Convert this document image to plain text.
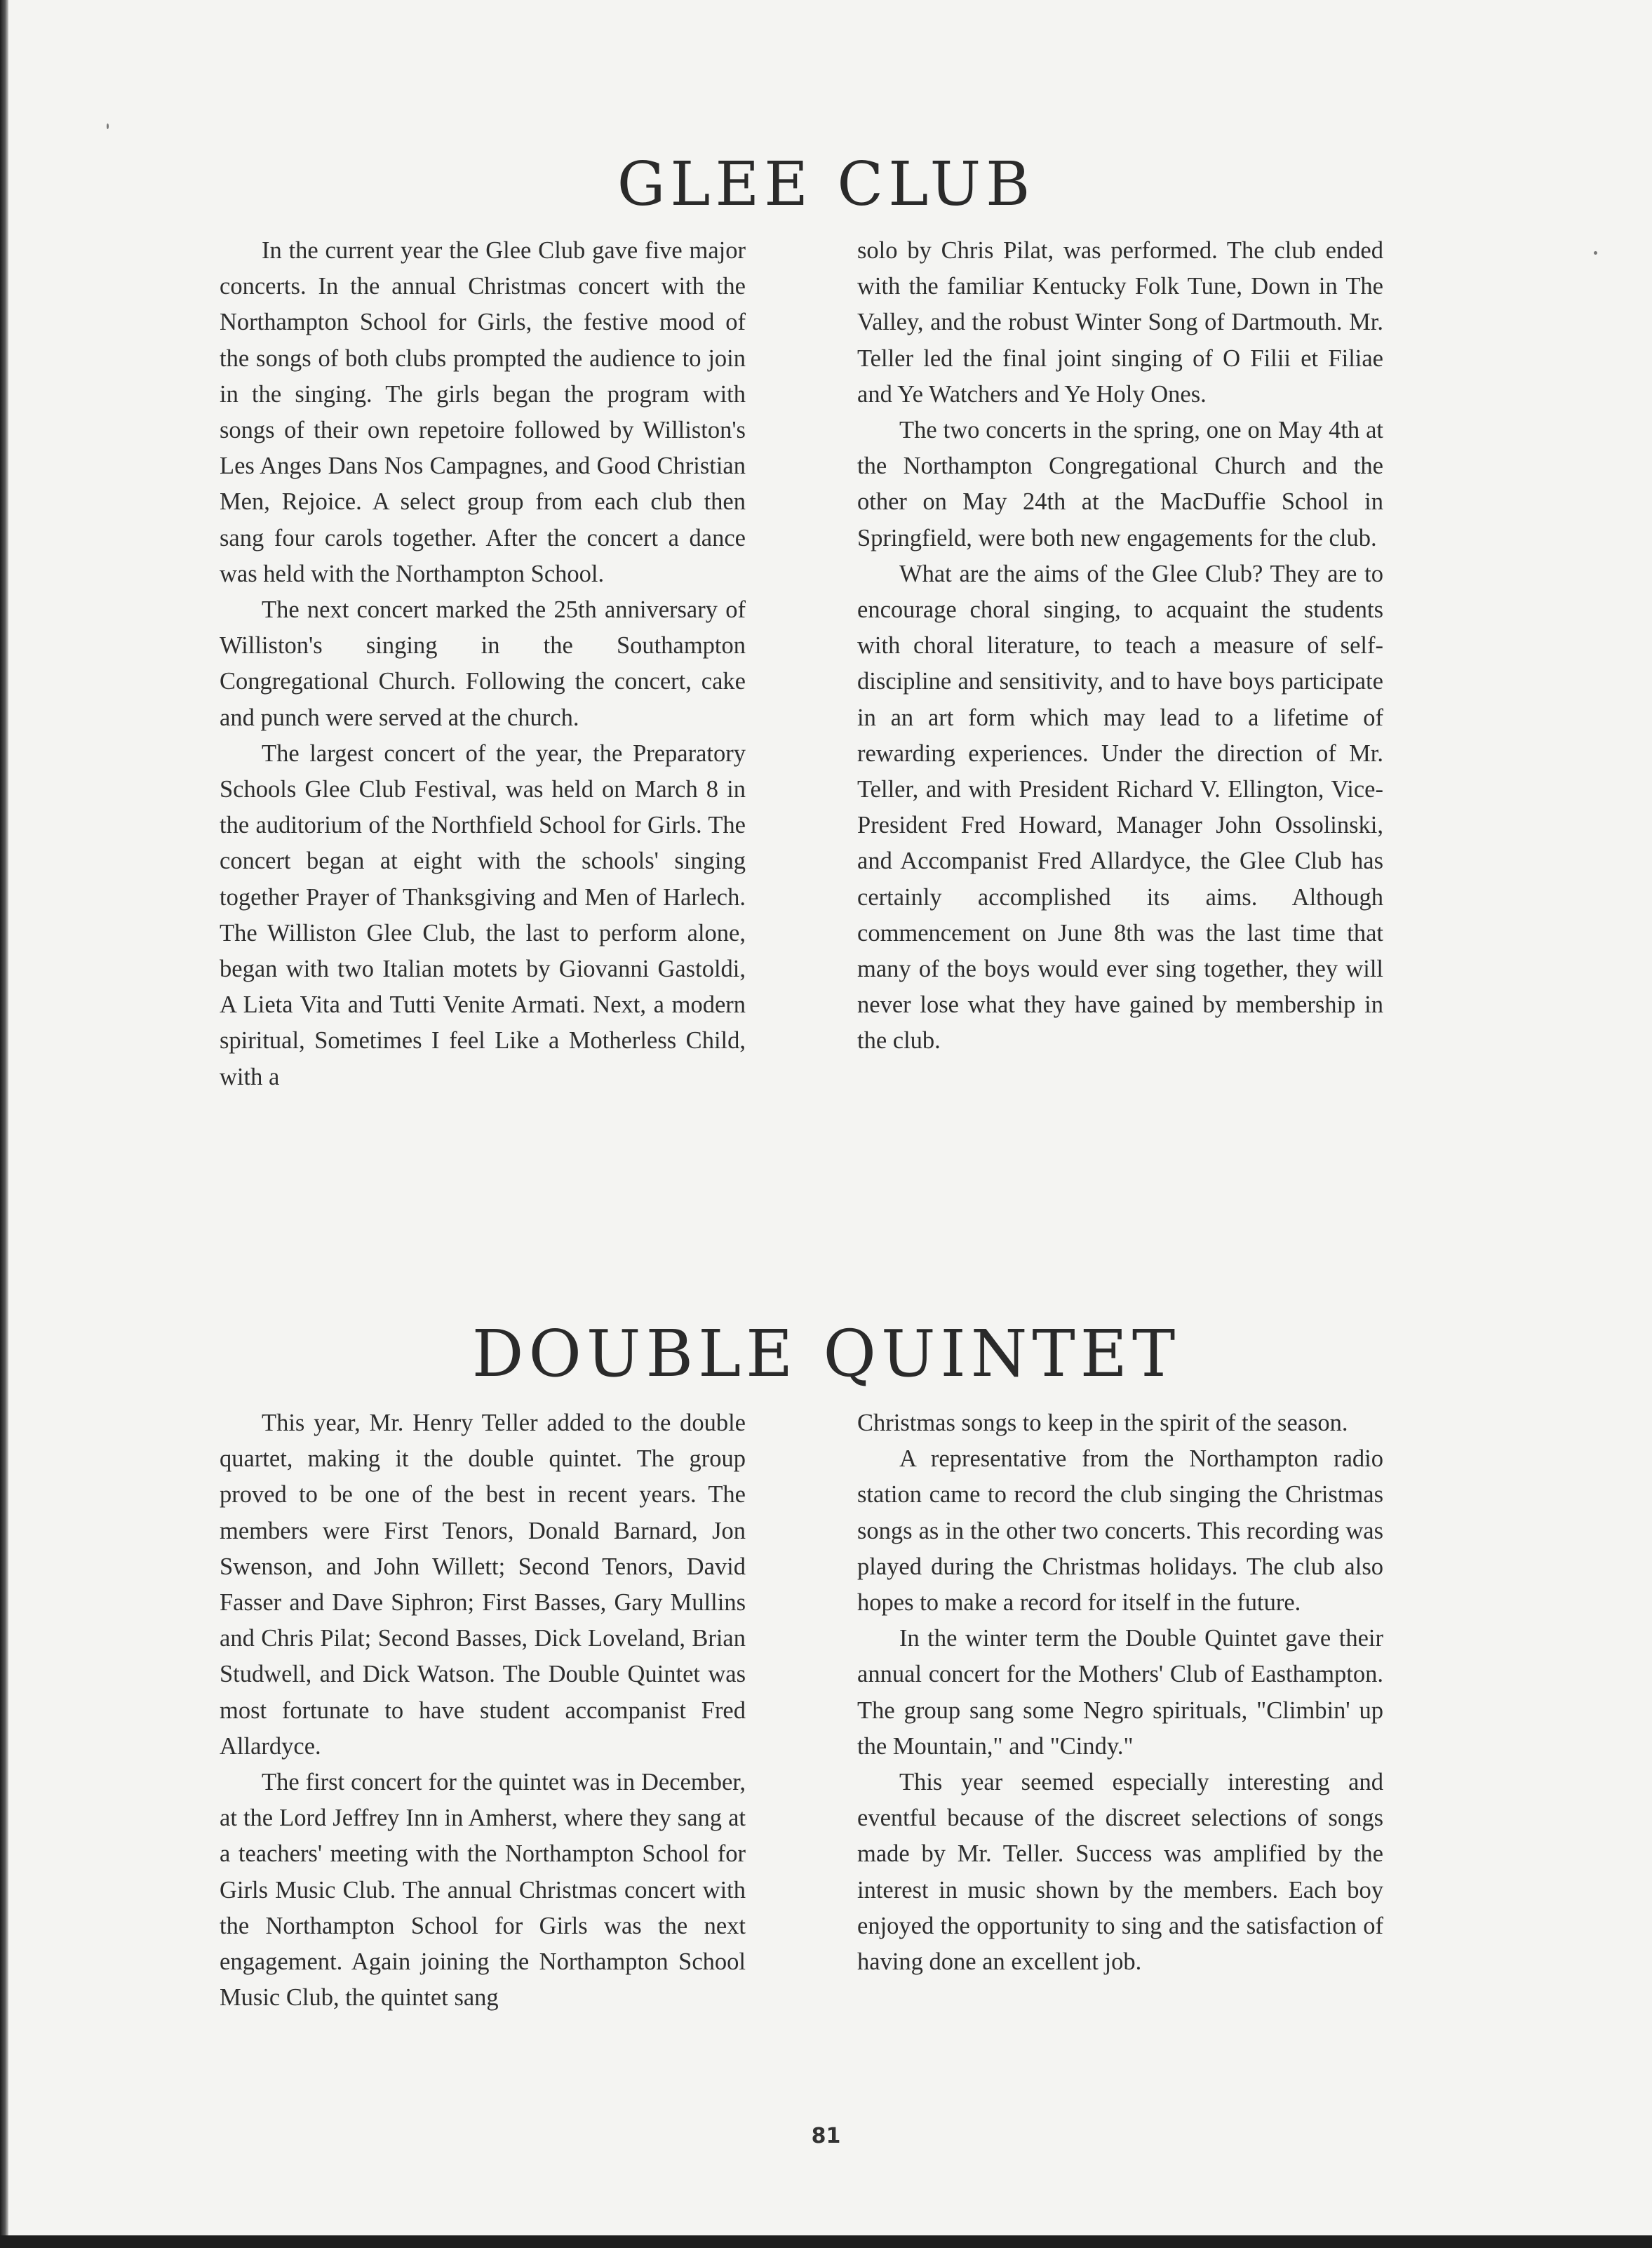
GLEE CLUB

In the current year the Glee Club gave five major concerts. In the annual Christmas concert with the Northampton School for Girls, the festive mood of the songs of both clubs prompted the audience to join in the singing. The girls began the program with songs of their own repetoire followed by Williston's Les Anges Dans Nos Campagnes, and Good Christian Men, Rejoice. A select group from each club then sang four carols together. After the concert a dance was held with the Northampton School.

The next concert marked the 25th anniversary of Williston's singing in the Southampton Congregational Church. Following the concert, cake and punch were served at the church.

The largest concert of the year, the Preparatory Schools Glee Club Festival, was held on March 8 in the auditorium of the Northfield School for Girls. The concert began at eight with the schools' singing together Prayer of Thanksgiving and Men of Harlech. The Williston Glee Club, the last to perform alone, began with two Italian motets by Giovanni Gastoldi, A Lieta Vita and Tutti Venite Armati. Next, a modern spiritual, Sometimes I feel Like a Motherless Child, with a

solo by Chris Pilat, was performed. The club ended with the familiar Kentucky Folk Tune, Down in The Valley, and the robust Winter Song of Dartmouth. Mr. Teller led the final joint singing of O Filii et Filiae and Ye Watchers and Ye Holy Ones.

The two concerts in the spring, one on May 4th at the Northampton Congregational Church and the other on May 24th at the MacDuffie School in Springfield, were both new engagements for the club.

What are the aims of the Glee Club? They are to encourage choral singing, to acquaint the students with choral literature, to teach a measure of self-discipline and sensitivity, and to have boys participate in an art form which may lead to a lifetime of rewarding experiences. Under the direction of Mr. Teller, and with President Richard V. Ellington, Vice-President Fred Howard, Manager John Ossolinski, and Accompanist Fred Allardyce, the Glee Club has certainly accomplished its aims. Although commencement on June 8th was the last time that many of the boys would ever sing together, they will never lose what they have gained by membership in the club.

DOUBLE QUINTET

This year, Mr. Henry Teller added to the double quartet, making it the double quintet. The group proved to be one of the best in recent years. The members were First Tenors, Donald Barnard, Jon Swenson, and John Willett; Second Tenors, David Fasser and Dave Siphron; First Basses, Gary Mullins and Chris Pilat; Second Basses, Dick Loveland, Brian Studwell, and Dick Watson. The Double Quintet was most fortunate to have student accompanist Fred Allardyce.

The first concert for the quintet was in December, at the Lord Jeffrey Inn in Amherst, where they sang at a teachers' meeting with the Northampton School for Girls Music Club. The annual Christmas concert with the Northampton School for Girls was the next engagement. Again joining the Northampton School Music Club, the quintet sang

Christmas songs to keep in the spirit of the season.

A representative from the Northampton radio station came to record the club singing the Christmas songs as in the other two concerts. This recording was played during the Christmas holidays. The club also hopes to make a record for itself in the future.

In the winter term the Double Quintet gave their annual concert for the Mothers' Club of Easthampton. The group sang some Negro spirituals, "Climbin' up the Mountain," and "Cindy."

This year seemed especially interesting and eventful because of the discreet selections of songs made by Mr. Teller. Success was amplified by the interest in music shown by the members. Each boy enjoyed the opportunity to sing and the satisfaction of having done an excellent job.

81
